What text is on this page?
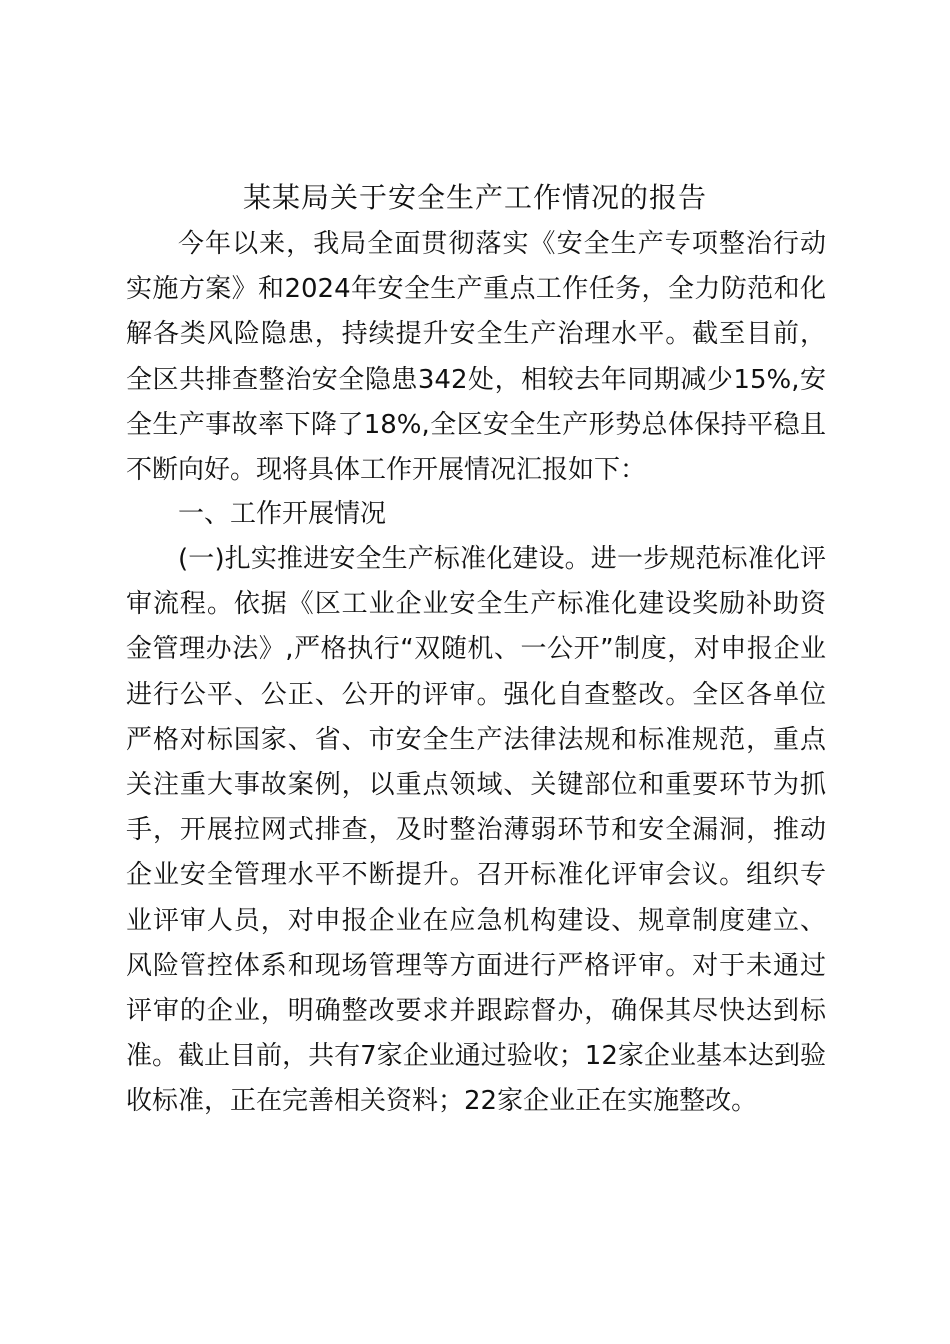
某某局关于安全生产工作情况的报告

今年以来，我局全面贯彻落实《安全生产专项整治行动实施方案》和2024年安全生产重点工作任务，全力防范和化解各类风险隐患，持续提升安全生产治理水平。截至目前，全区共排查整治安全隐患342处，相较去年同期减少15%,安全生产事故率下降了18%,全区安全生产形势总体保持平稳且不断向好。现将具体工作开展情况汇报如下：

一、工作开展情况

(一)扎实推进安全生产标准化建设。进一步规范标准化评审流程。依据《区工业企业安全生产标准化建设奖励补助资金管理办法》,严格执行“双随机、一公开”制度，对申报企业进行公平、公正、公开的评审。强化自查整改。全区各单位严格对标国家、省、市安全生产法律法规和标准规范，重点关注重大事故案例，以重点领域、关键部位和重要环节为抓手，开展拉网式排查，及时整治薄弱环节和安全漏洞，推动企业安全管理水平不断提升。召开标准化评审会议。组织专业评审人员，对申报企业在应急机构建设、规章制度建立、风险管控体系和现场管理等方面进行严格评审。对于未通过评审的企业，明确整改要求并跟踪督办，确保其尽快达到标准。截止目前，共有7家企业通过验收；12家企业基本达到验收标准，正在完善相关资料；22家企业正在实施整改。
